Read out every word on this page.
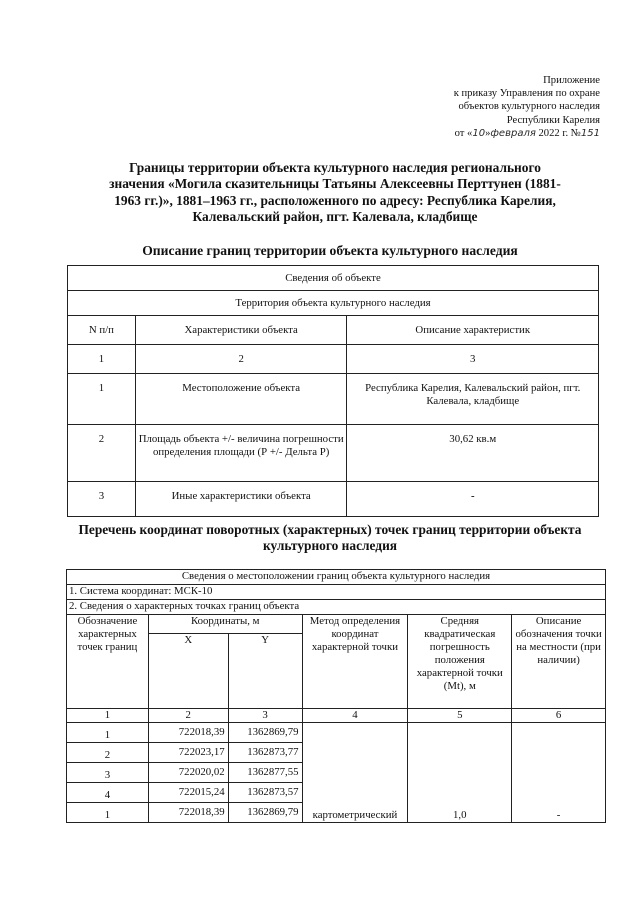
Приложение
к приказу Управления по охране
объектов культурного наследия
Республики Карелия
от «10»февраля 2022 г. №151
Границы территории объекта культурного наследия регионального значения «Могила сказительницы Татьяны Алексеевны Перттунен (1881-1963 гг.)», 1881–1963 гг., расположенного по адресу: Республика Карелия, Калевальский район, пгт. Калевала, кладбище
Описание границ территории объекта культурного наследия
Сведения об объекте		
Территория объекта культурного наследия		
N п/п	Характеристики объекта	Описание характеристик
1	2	3
1	Местоположение объекта	Республика Карелия, Калевальский район, пгт. Калевала, кладбище
2	Площадь объекта +/- величина погрешности определения площади (Р +/- Дельта Р)	30,62 кв.м
3	Иные характеристики объекта	-
Перечень координат поворотных (характерных) точек границ территории объекта культурного наследия
Сведения о местоположении границ объекта культурного наследия					
1. Система координат: МСК-10					
2. Сведения о характерных точках границ объекта					
Обозначение характерных точек границ	Координаты, м		Метод определения координат характерной точки	Средняя квадратическая погрешность положения характерной точки (Mt), м	Описание обозначения точки на местности (при наличии)
	X	Y			
1	2	3	4	5	6
1	722018,39	1362869,79	картометрический	1,0	-
2	722023,17	1362873,77			
3	722020,02	1362877,55			
4	722015,24	1362873,57			
1	722018,39	1362869,79			
